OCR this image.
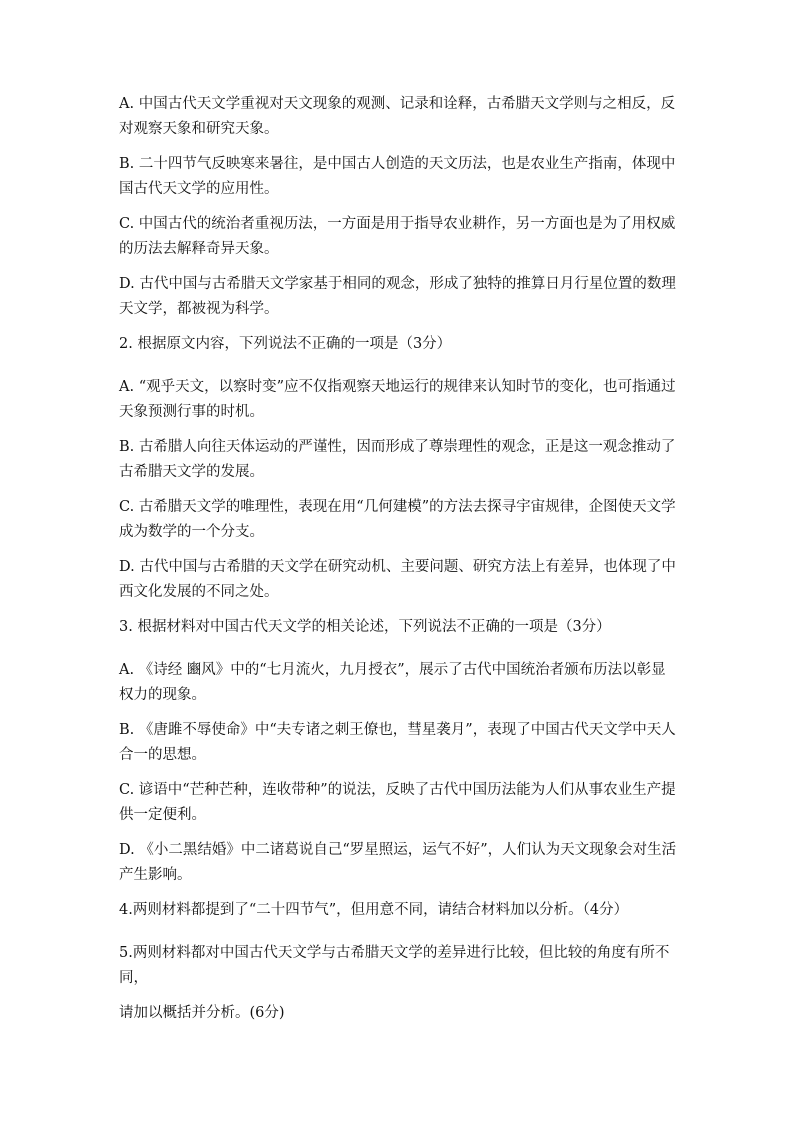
A. 中国古代天文学重视对天文现象的观测、记录和诠释，古希腊天文学则与之相反，反对观察天象和研究天象。

B. 二十四节气反映寒来暑往，是中国古人创造的天文历法，也是农业生产指南，体现中国古代天文学的应用性。

C. 中国古代的统治者重视历法，一方面是用于指导农业耕作，另一方面也是为了用权威的历法去解释奇异天象。

D. 古代中国与古希腊天文学家基于相同的观念，形成了独特的推算日月行星位置的数理天文学，都被视为科学。

2. 根据原文内容，下列说法不正确的一项是（3分）

A. “观乎天文，以察时变”应不仅指观察天地运行的规律来认知时节的变化，也可指通过天象预测行事的时机。

B. 古希腊人向往天体运动的严谨性，因而形成了尊崇理性的观念，正是这一观念推动了古希腊天文学的发展。

C. 古希腊天文学的唯理性，表现在用“几何建模”的方法去探寻宇宙规律，企图使天文学成为数学的一个分支。

D. 古代中国与古希腊的天文学在研究动机、主要问题、研究方法上有差异，也体现了中西文化发展的不同之处。

3. 根据材料对中国古代天文学的相关论述，下列说法不正确的一项是（3分）

A. 《诗经 豳风》中的“七月流火，九月授衣”，展示了古代中国统治者颁布历法以彰显权力的现象。

B. 《唐雎不辱使命》中“夫专诸之刺王僚也，彗星袭月”，表现了中国古代天文学中天人合一的思想。

C. 谚语中“芒种芒种，连收带种”的说法，反映了古代中国历法能为人们从事农业生产提供一定便利。

D. 《小二黑结婚》中二诸葛说自己“罗星照运，运气不好”，人们认为天文现象会对生活产生影响。

4.两则材料都提到了“二十四节气”，但用意不同，请结合材料加以分析。（4分）

5.两则材料都对中国古代天文学与古希腊天文学的差异进行比较，但比较的角度有所不同，

请加以概括并分析。(6分)
